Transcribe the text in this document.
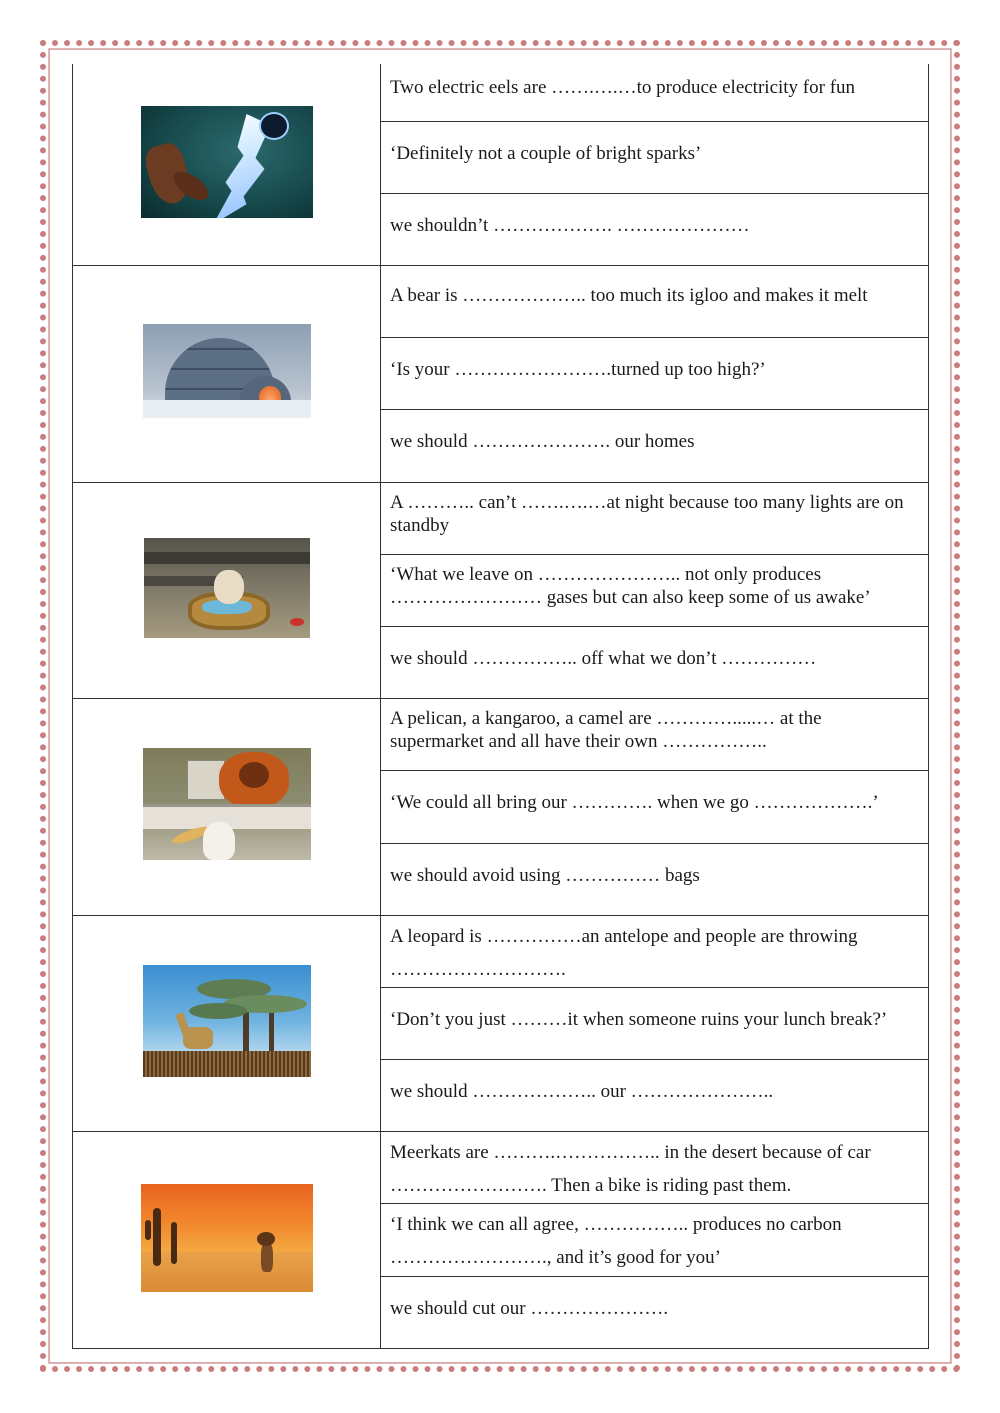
	Two electric eels are …….….…to produce electricity for fun

	‘Definitely not a couple of bright sparks’

	we shouldn’t ………………. …………………

	A bear is ……………….. too much its igloo and makes it melt

	‘Is your …………………….turned up too high?’

	we should …………………. our homes

	A ……….. can’t …….….…at night because too many lights are on standby

	‘What we leave on ………………….. not only produces …………………… gases but can also keep some of us awake’

	we should …………….. off what we don’t ……………

	A pelican, a kangaroo, a camel are ………….....… at the supermarket and all have their own ……………..

	‘We could all bring our …………. when we go ……………….’

	we should avoid using …………… bags

	A leopard is ……………an antelope and people are throwing ……………………….

	‘Don’t you just ………it when someone ruins your lunch break?’

	we should ……………….. our …………………..

	Meerkats are ……….…………….. in the desert because of car ……………………. Then a bike is riding past them.

	‘I think we can all agree, …………….. produces no carbon ……………………., and it’s good for you’

	we should cut our ………………….
